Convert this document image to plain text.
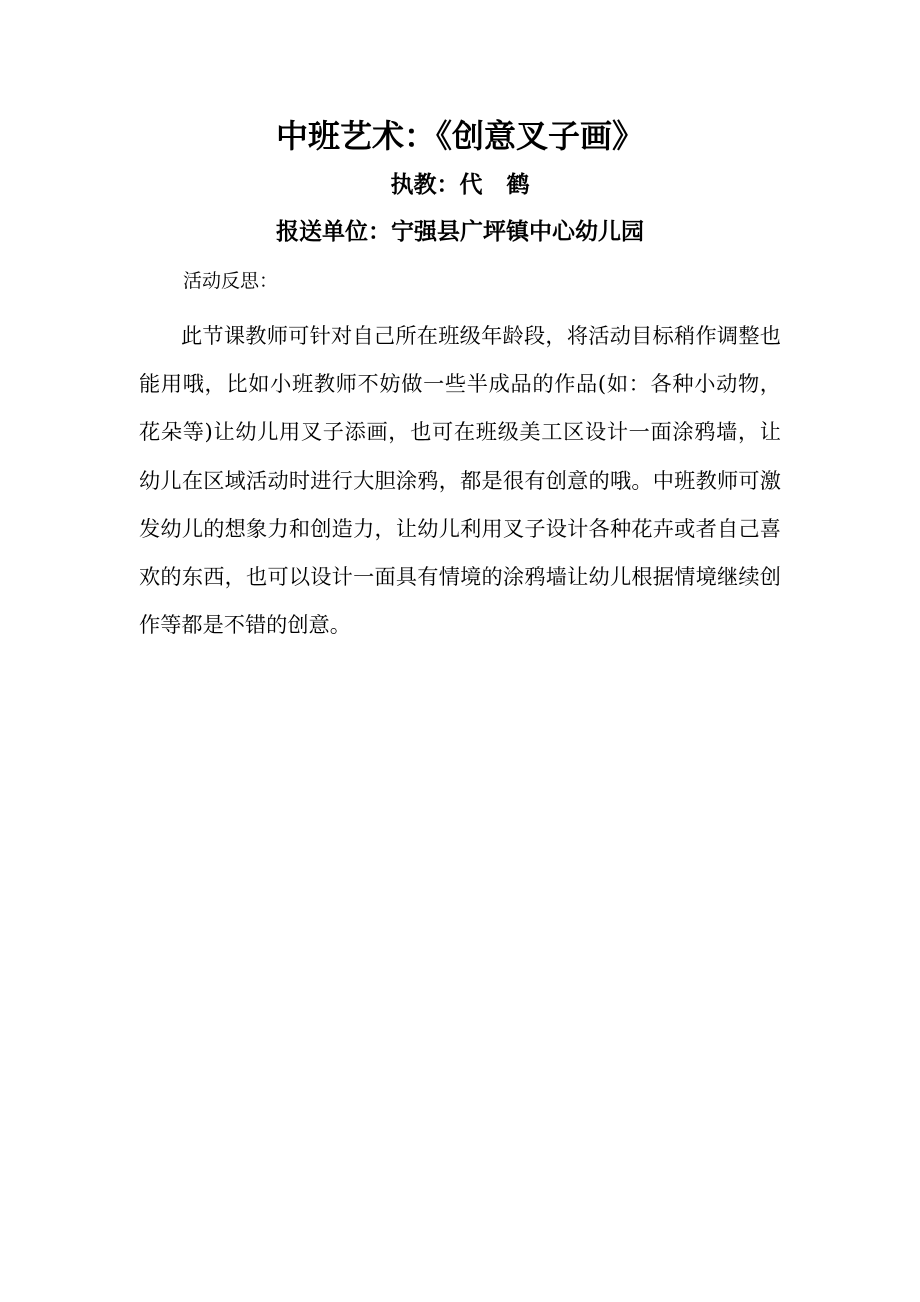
中班艺术：《创意叉子画》
执教：代 鹤
报送单位：宁强县广坪镇中心幼儿园
活动反思：

此节课教师可针对自己所在班级年龄段，将活动目标稍作调整也能用哦，比如小班教师不妨做一些半成品的作品(如：各种小动物，花朵等)让幼儿用叉子添画，也可在班级美工区设计一面涂鸦墙，让幼儿在区域活动时进行大胆涂鸦，都是很有创意的哦。中班教师可激发幼儿的想象力和创造力，让幼儿利用叉子设计各种花卉或者自己喜欢的东西，也可以设计一面具有情境的涂鸦墙让幼儿根据情境继续创作等都是不错的创意。
